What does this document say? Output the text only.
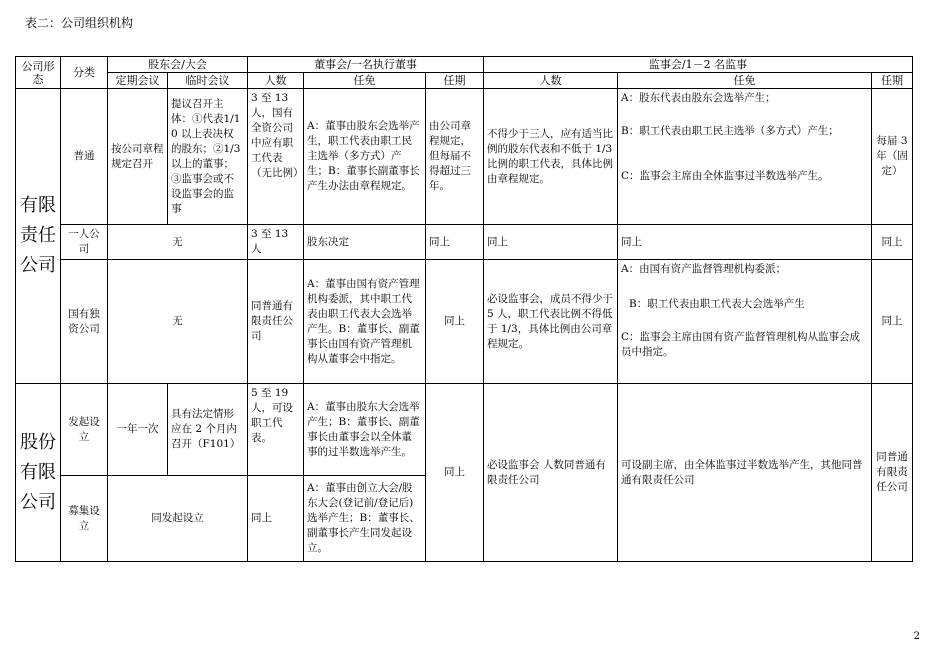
表二：公司组织机构
公司形态	分类	股东会/大会		董事会/一名执行董事			监事会/1－2 名监事		
		定期会议	临时会议	人数	任免	任期	人数	任免	任期
有限责任公司	普通	按公司章程规定召开	提议召开主体：①代表1/10 以上表决权的股东；②1/3 以上的董事；③监事会或不设监事会的监事	3 至 13 人，国有全资公司中应有职工代表（无比例）	A：董事由股东会选举产生，职工代表由职工民主选举（多方式）产生；B：董事长副董事长产生办法由章程规定。	由公司章程规定，但每届不得超过三年。	不得少于三人，应有适当比例的股东代表和不低于 1/3 比例的职工代表，具体比例由章程规定。	A：股东代表由股东会选举产生；
B：职工代表由职工民主选举（多方式）产生；
C：监事会主席由全体监事过半数选举产生。	每届 3 年（固定）
	一人公司	无		3 至 13 人	股东决定	同上	同上	同上	同上
	国有独资公司	无		同普通有限责任公司	A：董事由国有资产管理机构委派，其中职工代表由职工代表大会选举产生。B：董事长、副董事长由国有资产管理机构从董事会中指定。	同上	必设监事会，成员不得少于 5 人，职工代表比例不得低于 1/3，具体比例由公司章程规定。	A：由国有资产监督管理机构委派；
B：职工代表由职工代表大会选举产生
C：监事会主席由国有资产监督管理机构从监事会成员中指定。	同上
股份有限公司	发起设立	一年一次	具有法定情形应在 2 个月内召开（F101）	5 至 19 人，可设职工代表。	A：董事由股东大会选举产生；B：董事长、副董事长由董事会以全体董事的过半数选举产生。	同上	必设监事会 人数同普通有限责任公司	可设副主席，由全体监事过半数选举产生，其他同普通有限责任公司	同普通有限责任公司
	募集设立	同发起设立		同上	A：董事由创立大会/股东大会(登记前/登记后)选举产生；B：董事长、副董事长产生同发起设立。				
2
